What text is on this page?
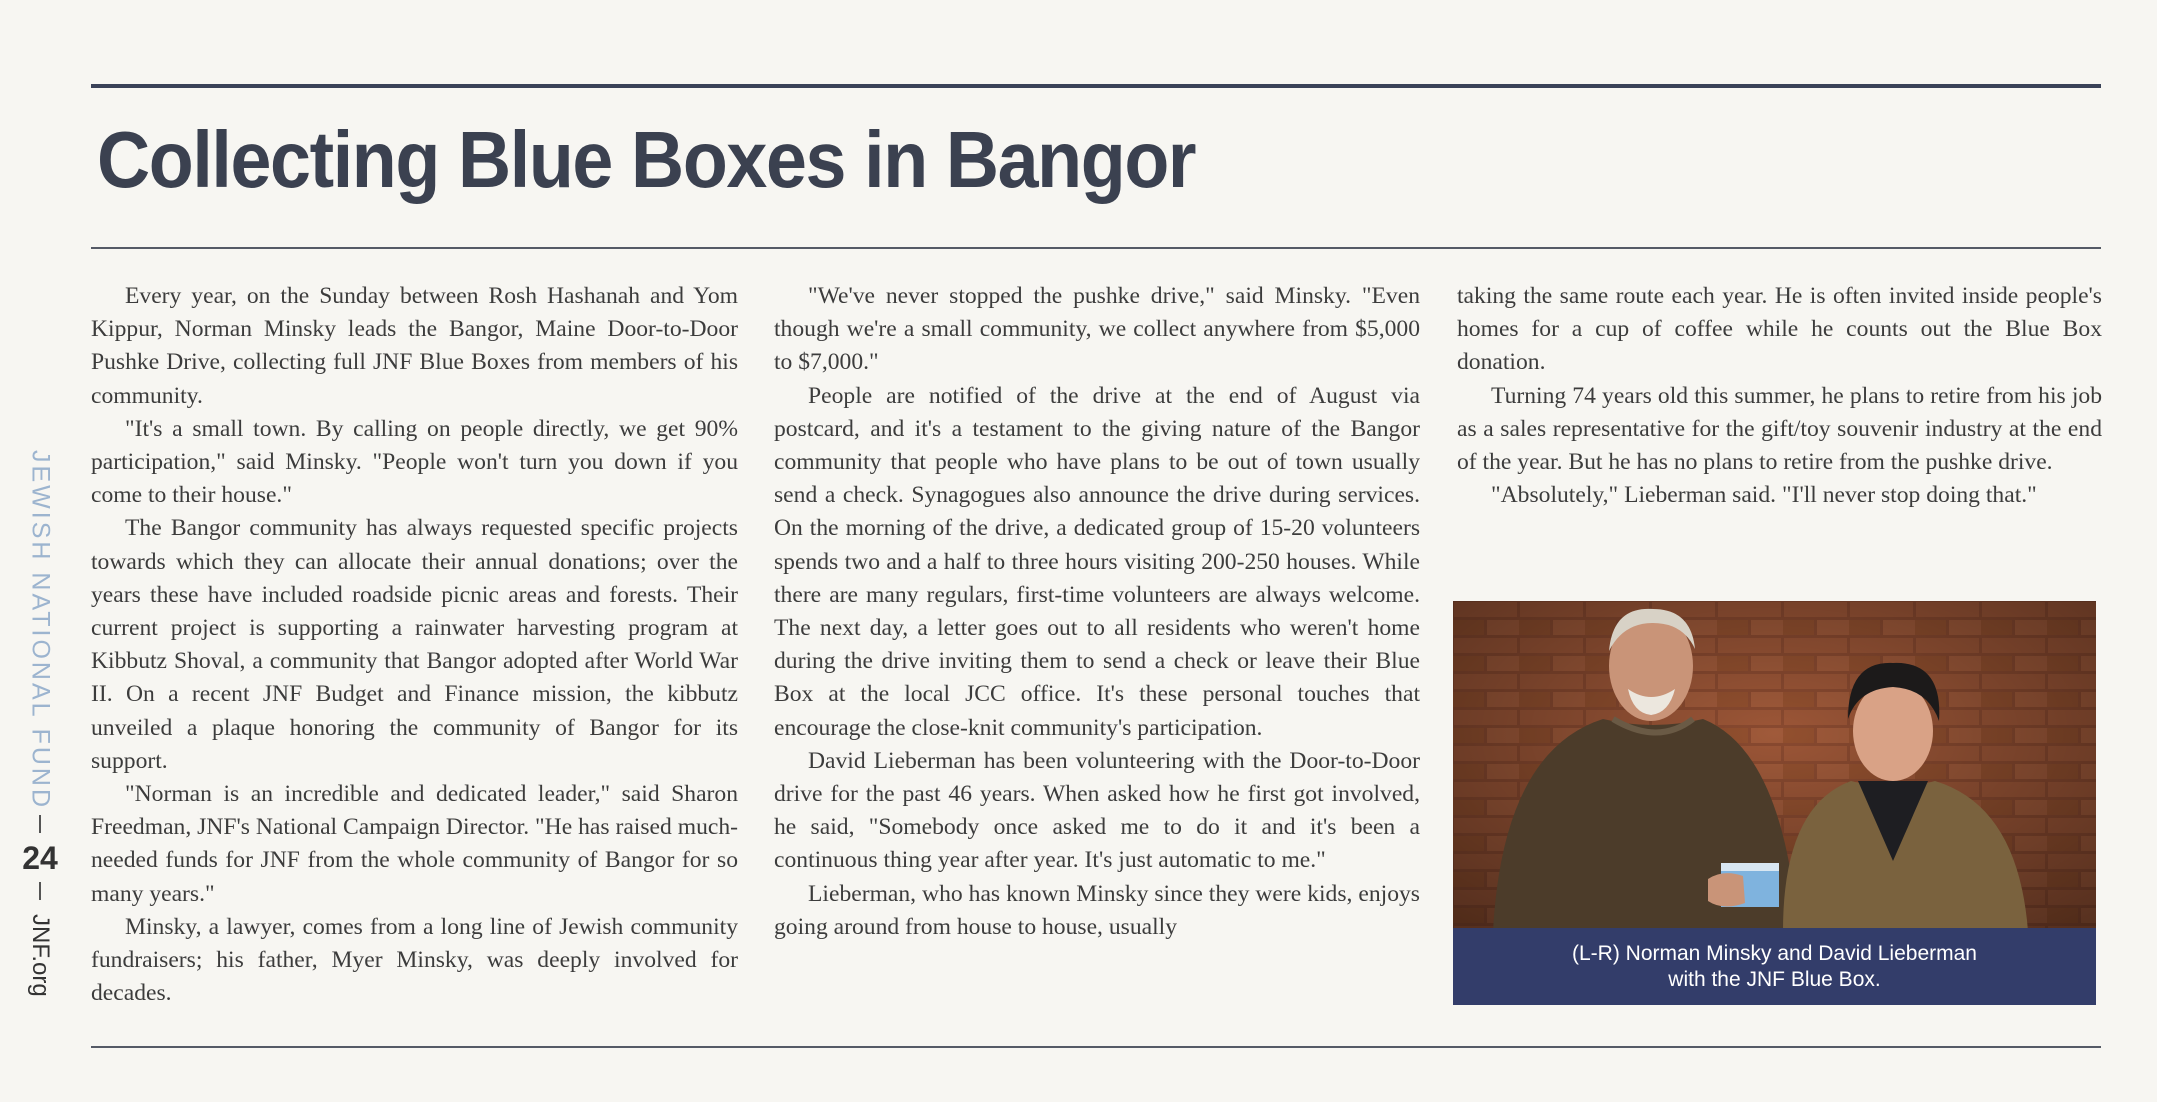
Collecting Blue Boxes in Bangor
JEWISH NATIONAL FUND
24
JNF.org

Every year, on the Sunday between Rosh Hashanah and Yom Kippur, Norman Minsky leads the Bangor, Maine Door-to-Door Pushke Drive, collecting full JNF Blue Boxes from members of his community.

"It's a small town. By calling on people directly, we get 90% participation," said Minsky. "People won't turn you down if you come to their house."

The Bangor community has always requested specific projects towards which they can allocate their annual donations; over the years these have included roadside picnic areas and forests. Their current project is supporting a rainwater harvesting program at Kibbutz Shoval, a community that Bangor adopted after World War II. On a recent JNF Budget and Finance mission, the kibbutz unveiled a plaque honoring the community of Bangor for its support.

"Norman is an incredible and dedicated leader," said Sharon Freedman, JNF's National Campaign Director. "He has raised much-needed funds for JNF from the whole community of Bangor for so many years."

Minsky, a lawyer, comes from a long line of Jewish community fundraisers; his father, Myer Minsky, was deeply involved for decades.

"We've never stopped the pushke drive," said Minsky. "Even though we're a small community, we collect anywhere from $5,000 to $7,000."

People are notified of the drive at the end of August via postcard, and it's a testament to the giving nature of the Bangor community that people who have plans to be out of town usually send a check. Synagogues also announce the drive during services. On the morning of the drive, a dedicated group of 15-20 volunteers spends two and a half to three hours visiting 200-250 houses. While there are many regulars, first-time volunteers are always welcome. The next day, a letter goes out to all residents who weren't home during the drive inviting them to send a check or leave their Blue Box at the local JCC office. It's these personal touches that encourage the close-knit community's participation.

David Lieberman has been volunteering with the Door-to-Door drive for the past 46 years. When asked how he first got involved, he said, "Somebody once asked me to do it and it's been a continuous thing year after year. It's just automatic to me."

Lieberman, who has known Minsky since they were kids, enjoys going around from house to house, usually

taking the same route each year. He is often invited inside people's homes for a cup of coffee while he counts out the Blue Box donation.

Turning 74 years old this summer, he plans to retire from his job as a sales representative for the gift/toy souvenir industry at the end of the year. But he has no plans to retire from the pushke drive.

"Absolutely," Lieberman said. "I'll never stop doing that."

(L-R) Norman Minsky and David Lieberman
with the JNF Blue Box.
